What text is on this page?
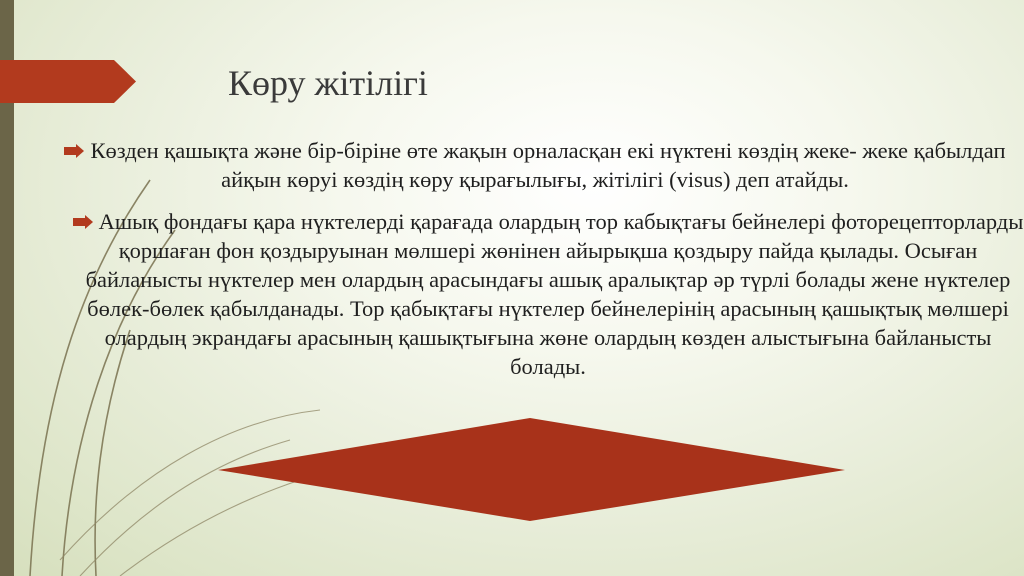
Көру жітілігі
Көзден қашықта және бір-біріне өте жақын орналасқан екі нүктені көздің жеке- жеке қабылдап айқын көруі көздің көру қырағылығы, жітілігі (visus) деп атайды.
Ашық фондағы қара нүктелерді қарағада олардың тор кабықтағы бейнелері фоторецепторларды қоршаған фон қоздыруынан мөлшері жөнінен айырықша қоздыру пайда қылады. Осыған байланысты нүктелер мен олардың арасындағы ашық аралықтар әр түрлі болады жене нүктелер бөлек-бөлек қабылданады. Тор қабықтағы нүктелер бейнелерінің арасының қашықтық мөлшері олардың экрандағы арасының қашықтығына жөне олардың көзден алыстығына байланысты болады.
